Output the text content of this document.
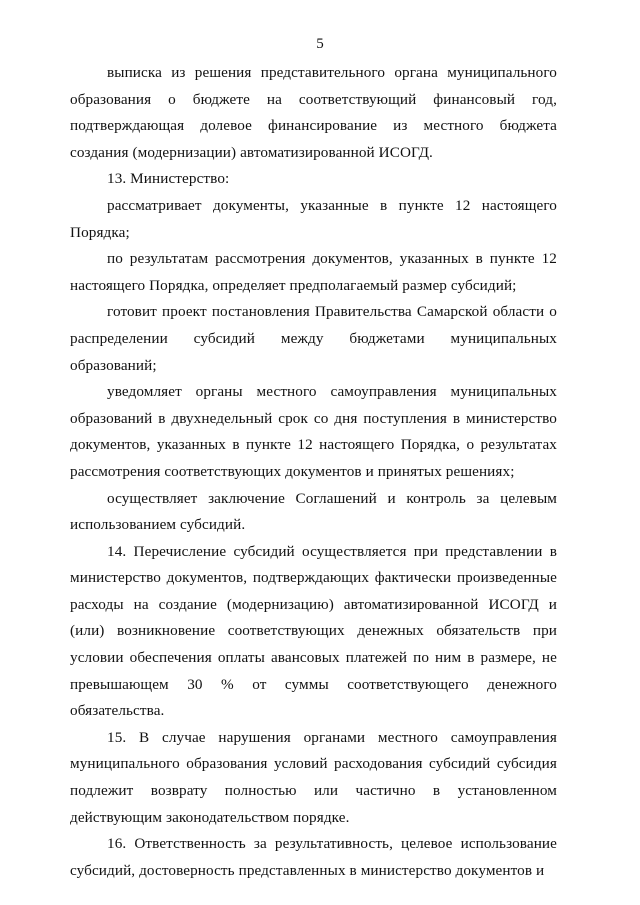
5

выписка из решения представительного органа муниципального образования о бюджете на соответствующий финансовый год, подтверждающая долевое финансирование из местного бюджета создания (модернизации) автоматизированной ИСОГД.

13. Министерство:

рассматривает документы, указанные в пункте 12 настоящего Порядка;

по результатам рассмотрения документов, указанных в пункте 12 настоящего Порядка, определяет предполагаемый размер субсидий;

готовит проект постановления Правительства Самарской области о распределении субсидий между бюджетами муниципальных образований;

уведомляет органы местного самоуправления муниципальных образований в двухнедельный срок со дня поступления в министерство документов, указанных в пункте 12 настоящего Порядка, о результатах рассмотрения соответствующих документов и принятых решениях;

осуществляет заключение Соглашений и контроль за целевым использованием субсидий.

14. Перечисление субсидий осуществляется при представлении в министерство документов, подтверждающих фактически произведенные расходы на создание (модернизацию) автоматизированной ИСОГД и (или) возникновение соответствующих денежных обязательств при условии обеспечения оплаты авансовых платежей по ним в размере, не превышающем 30 % от суммы соответствующего денежного обязательства.

15. В случае нарушения органами местного самоуправления муниципального образования условий расходования субсидий субсидия подлежит возврату полностью или частично в установленном действующим законодательством порядке.

16. Ответственность за результативность, целевое использование субсидий, достоверность представленных в министерство документов и
